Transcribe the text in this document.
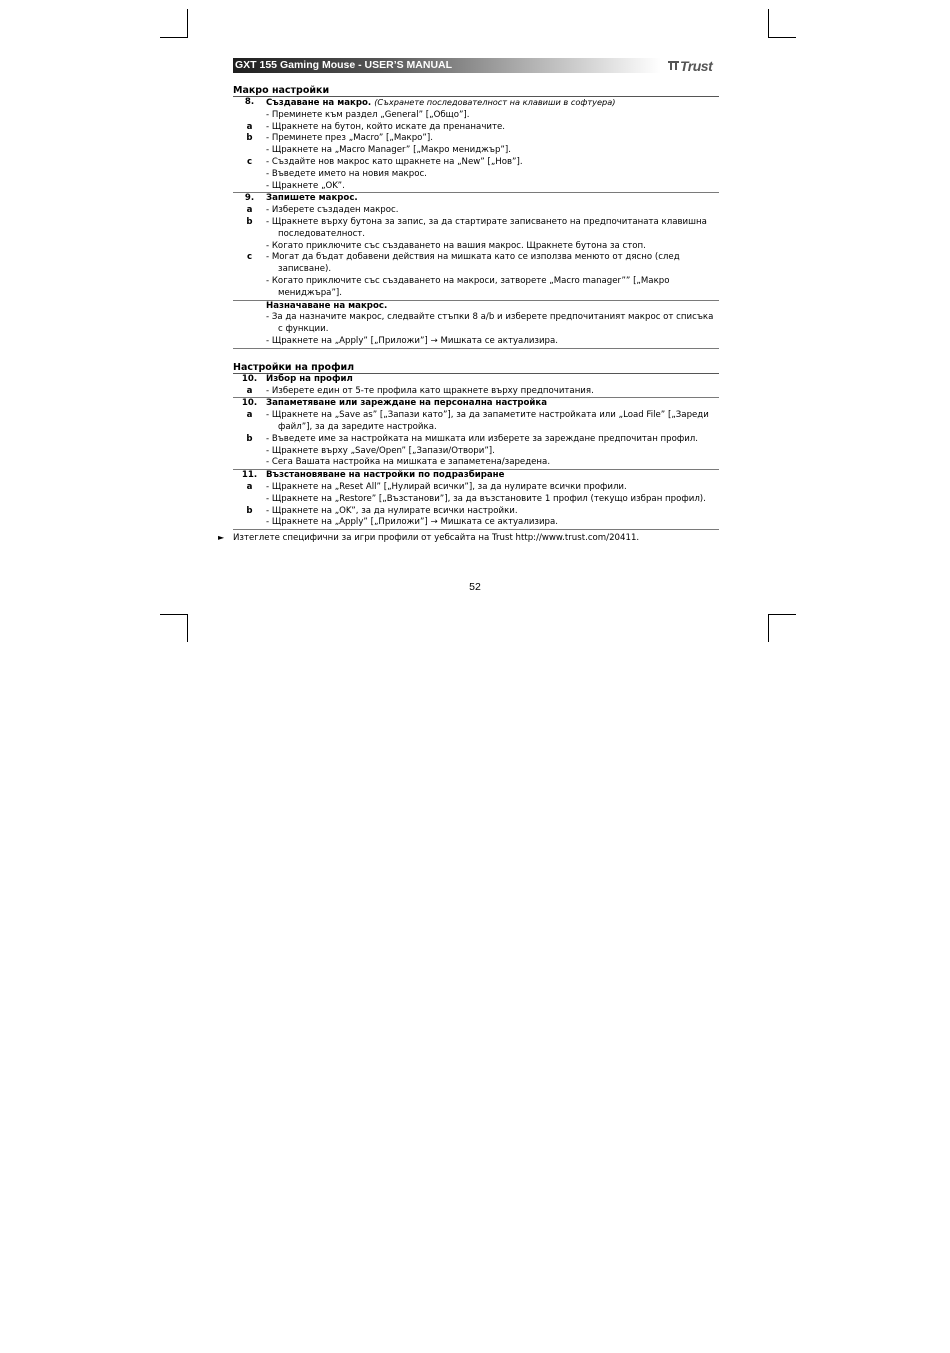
GXT 155 Gaming Mouse - USER’S MANUAL	Trust
Макро настройки
8.	Създаване на макро. (Съхранете последователност на клавиши в софтуера)
- Преминете към раздел „General” [„Общо”].
a	- Щракнете на бутон, който искате да пренаначите.
b	- Преминете през „Macro” [„Макро”].
- Щракнете на „Macro Manager” [„Макро мениджър”].
c	- Създайте нов макрос като щракнете на „New” [„Нов”].
- Въведете името на новия макрос.
- Щракнете „OK”.
9.	Запишете макрос.
a	- Изберете създаден макрос.
b	- Щракнете върху бутона за запис, за да стартирате записването на предпочитаната клавишна последователност.
- Когато приключите със създаването на вашия макрос. Щракнете бутона за стоп.
c	- Могат да бъдат добавени действия на мишката като се използва менюто от дясно (след записване).
- Когато приключите със създаването на макроси, затворете „Macro manager”” [„Макро мениджъра”].
Назначаване на макрос.
- За да назначите макрос, следвайте стъпки 8 a/b и изберете предпочитаният макрос от списъка с функции.
- Щракнете на „Apply” [„Приложи”] → Мишката се актуализира.
Настройки на профил
10.	Избор на профил
a	- Изберете един от 5-те профила като щракнете върху предпочитания.
10.	Запаметяване или зареждане на персонална настройка
a	- Щракнете на „Save as” [„Запази като”], за да запаметите настройката или „Load File” [„Зареди файл”], за да заредите настройка.
b	- Въведете име за настройката на мишката или изберете за зареждане предпочитан профил.
- Щракнете върху „Save/Open” [„Запази/Отвори”].
- Сега Вашата настройка на мишката е запаметена/заредена.
11.	Възстановяване на настройки по подразбиране
a	- Щракнете на „Reset All” [„Нулирай всички”], за да нулирате всички профили.
- Щракнете на „Restore” [„Възстанови”], за да възстановите 1 профил (текущо избран профил).
b	- Щракнете на „OK”, за да нулирате всички настройки.
- Щракнете на „Apply” [„Приложи”] → Мишката се актуализира.
► Изтеглете специфични за игри профили от уебсайта на Trust http://www.trust.com/20411.
52
